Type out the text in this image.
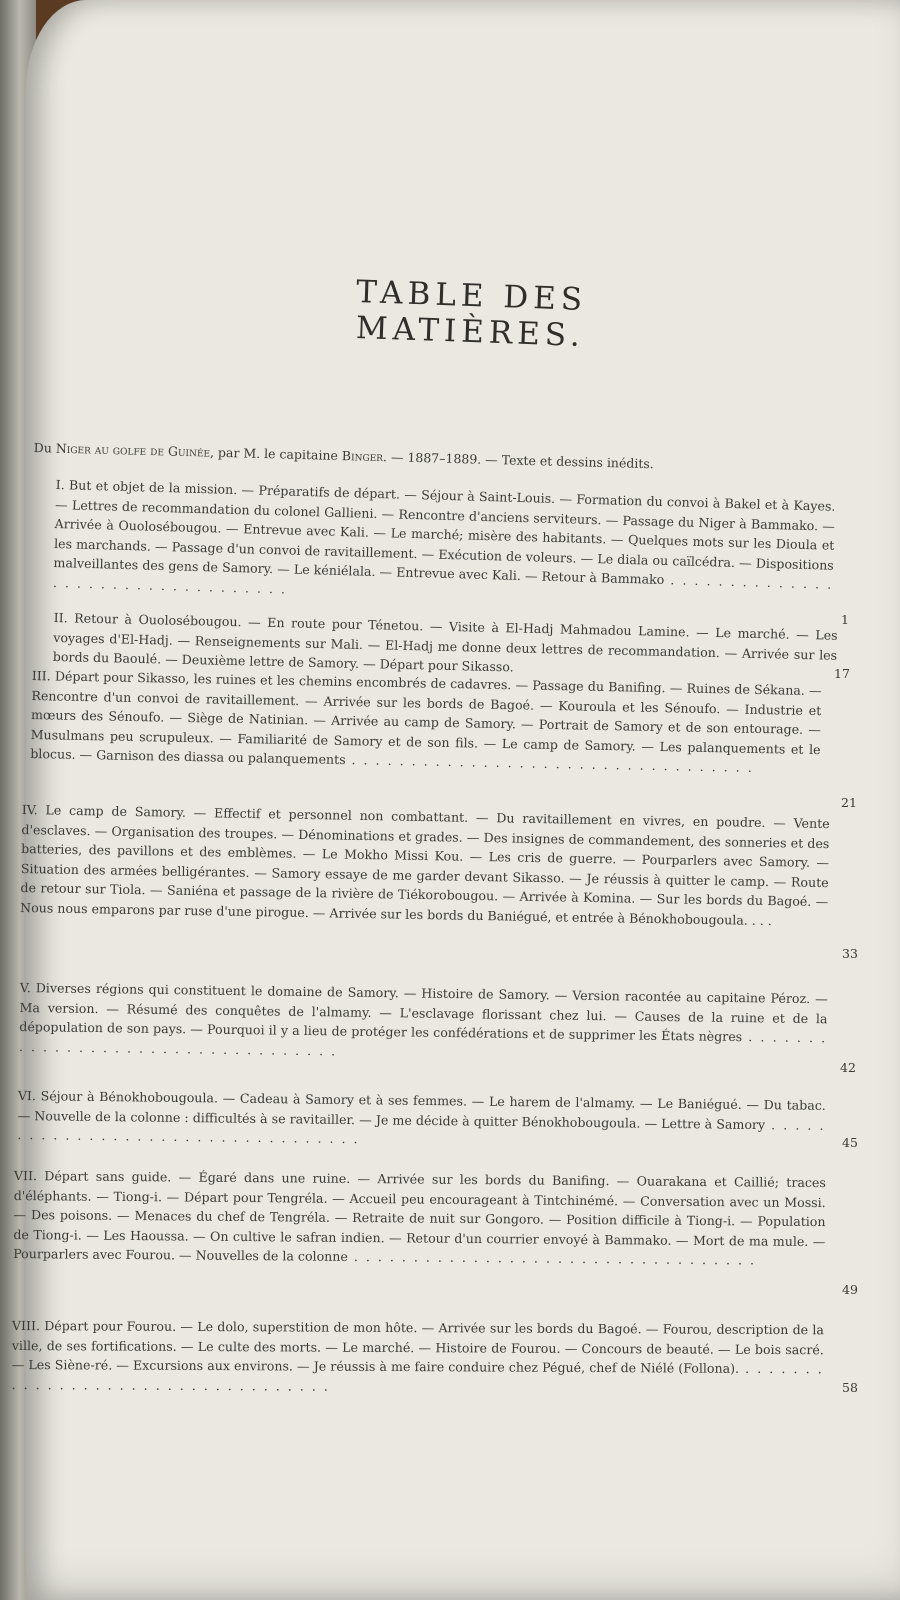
TABLE DES MATIÈRES.
Du Niger au golfe de Guinée, par M. le capitaine Binger. — 1887–1889. — Texte et dessins inédits.
I. But et objet de la mission. — Préparatifs de départ. — Séjour à Saint-Louis. — Formation du convoi à Bakel et à Kayes. — Lettres de recommandation du colonel Gallieni. — Rencontre d'anciens serviteurs. — Passage du Niger à Bammako. — Arrivée à Ouolosébougou. — Entrevue avec Kali. — Le marché; misère des habitants. — Quelques mots sur les Dioula et les marchands. — Passage d'un convoi de ravitaillement. — Exécution de voleurs. — Le diala ou caïlcédra. — Dispositions malveillantes des gens de Samory. — Le kéniélala. — Entrevue avec Kali. — Retour à Bammako . . .
1
II. Retour à Ouolosébougou. — En route pour Ténetou. — Visite à El-Hadj Mahmadou Lamine. — Le marché. — Les voyages d'El-Hadj. — Renseignements sur Mali. — El-Hadj me donne deux lettres de recommandation. — Arrivée sur les bords du Baoulé. — Deuxième lettre de Samory. — Départ pour Sikasso.	17
III. Départ pour Sikasso, les ruines et les chemins encombrés de cadavres. — Passage du Banifing. — Ruines de Sékana. — Rencontre d'un convoi de ravitaillement. — Arrivée sur les bords de Bagoé. — Kouroula et les Sénoufo. — Industrie et mœurs des Sénoufo. — Siège de Natinian. — Arrivée au camp de Samory. — Portrait de Samory et de son entourage. — Musulmans peu scrupuleux. — Familiarité de Samory et de son fils. — Le camp de Samory. — Les palanquements et le blocus. — Garnison des diassa ou palanquements . . .
21
IV. Le camp de Samory. — Effectif et personnel non combattant. — Du ravitaillement en vivres, en poudre. — Vente d'esclaves. — Organisation des troupes. — Dénominations et grades. — Des insignes de commandement, des sonneries et des batteries, des pavillons et des emblèmes. — Le Mokho Missi Kou. — Les cris de guerre. — Pourparlers avec Samory. — Situation des armées belligérantes. — Samory essaye de me garder devant Sikasso. — Je réussis à quitter le camp. — Route de retour sur Tiola. — Saniéna et passage de la rivière de Tiékorobougou. — Arrivée à Komina. — Sur les bords du Bagoé. — Nous nous emparons par ruse d'une pirogue. — Arrivée sur les bords du Baniégué, et entrée à Bénokhobougoula. . . .
33
V. Diverses régions qui constituent le domaine de Samory. — Histoire de Samory. — Version racontée au capitaine Péroz. — Ma version. — Résumé des conquêtes de l'almamy. — L'esclavage florissant chez lui. — Causes de la ruine et de la dépopulation de son pays. — Pourquoi il y a lieu de protéger les confédérations et de supprimer les États nègres . . .
42
VI. Séjour à Bénokhobougoula. — Cadeau à Samory et à ses femmes. — Le harem de l'almamy. — Le Baniégué. — Du tabac. — Nouvelle de la colonne : difficultés à se ravitailler. — Je me décide à quitter Bénokhobougoula. — Lettre à Samory . . .
45
VII. Départ sans guide. — Égaré dans une ruine. — Arrivée sur les bords du Banifing. — Ouarakana et Caillié; traces d'éléphants. — Tiong-i. — Départ pour Tengréla. — Accueil peu encourageant à Tintchinémé. — Conversation avec un Mossi. — Des poisons. — Menaces du chef de Tengréla. — Retraite de nuit sur Gongoro. — Position difficile à Tiong-i. — Population de Tiong-i. — Les Haoussa. — On cultive le safran indien. — Retour d'un courrier envoyé à Bammako. — Mort de ma mule. — Pourparlers avec Fourou. — Nouvelles de la colonne . . .
49
VIII. Départ pour Fourou. — Le dolo, superstition de mon hôte. — Arrivée sur les bords du Bagoé. — Fourou, description de la ville, de ses fortifications. — Le culte des morts. — Le marché. — Histoire de Fourou. — Concours de beauté. — Le bois sacré. — Les Siène-ré. — Excursions aux environs. — Je réussis à me faire conduire chez Pégué, chef de Niélé (Follona). . . .
58
